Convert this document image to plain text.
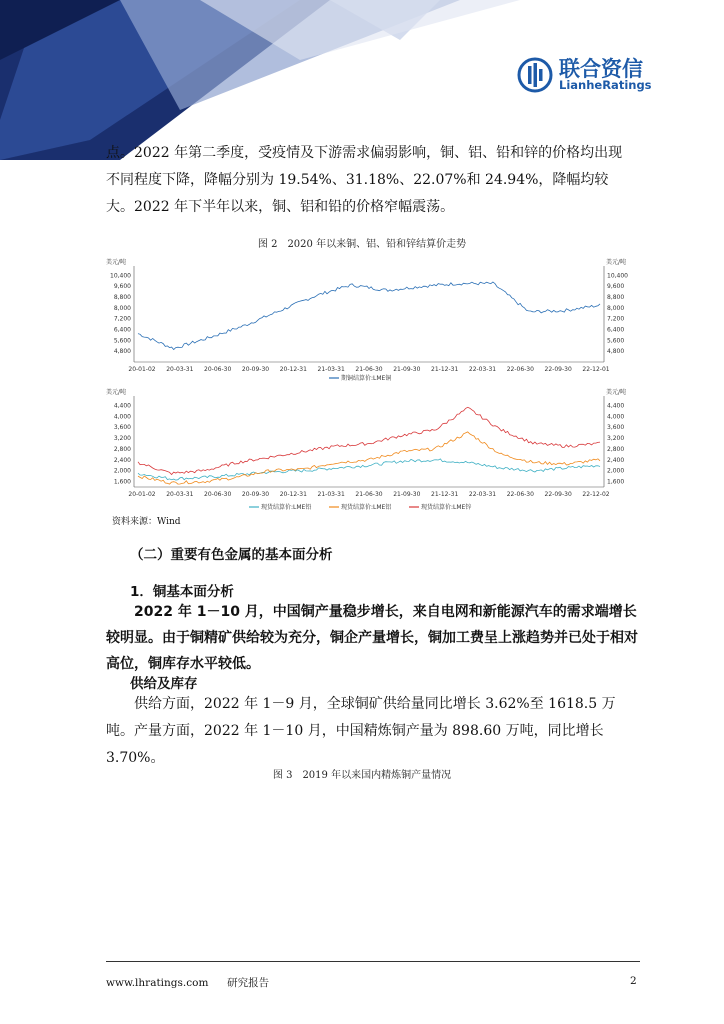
联合资信
LianheRatings
点。2022 年第二季度，受疫情及下游需求偏弱影响，铜、铝、铅和锌的价格均出现不同程度下降，降幅分别为 19.54%、31.18%、22.07%和 24.94%，降幅均较大。2022 年下半年以来，铜、铝和铅的价格窄幅震荡。
图 2　2020 年以来铜、铝、铅和锌结算价走势
美元/吨	美元/吨
10,400
9,600
8,800
8,000
7,200
6,400
5,600
4,800
10,400
9,600
8,800
8,000
7,200
6,400
5,600
4,800
20-01-02 20-03-31 20-06-30 20-09-30 20-12-31 21-03-31 21-06-30 21-09-30 21-12-31 22-03-31 22-06-30 22-09-30 22-12-01
期铜结算价:LME铜
美元/吨	美元/吨
4,400
4,000
3,600
3,200
2,800
2,400
2,000
1,600
4,400
4,000
3,600
3,200
2,800
2,400
2,000
1,600
20-01-02 20-03-31 20-06-30 20-09-30 20-12-31 21-03-31 21-06-30 21-09-30 21-12-31 22-03-31 22-06-30 22-09-30 22-12-02
现货结算价:LME铅	现货结算价:LME铝	现货结算价:LME锌
资料来源：Wind
（二）重要有色金属的基本面分析
1．铜基本面分析
2022 年 1－10 月，中国铜产量稳步增长，来自电网和新能源汽车的需求端增长较明显。由于铜精矿供给较为充分，铜企产量增长，铜加工费呈上涨趋势并已处于相对高位，铜库存水平较低。
供给及库存
供给方面，2022 年 1－9 月，全球铜矿供给量同比增长 3.62%至 1618.5 万吨。产量方面，2022 年 1－10 月，中国精炼铜产量为 898.60 万吨，同比增长 3.70%。
图 3　2019 年以来国内精炼铜产量情况
www.lhratings.com 研究报告	2
